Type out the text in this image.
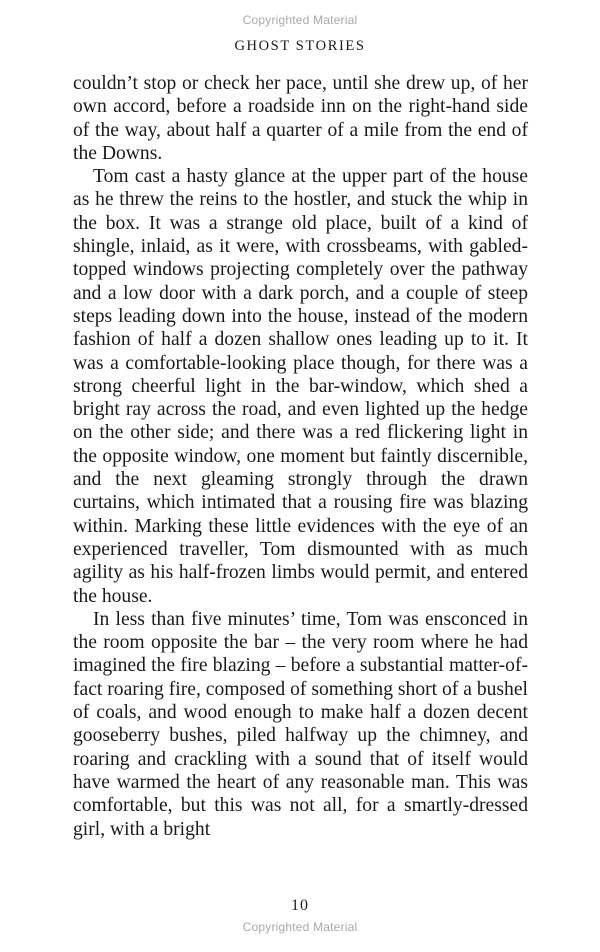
Copyrighted Material
GHOST STORIES

couldn’t stop or check her pace, until she drew up, of her own accord, before a roadside inn on the right-hand side of the way, about half a quarter of a mile from the end of the Downs.

Tom cast a hasty glance at the upper part of the house as he threw the reins to the hostler, and stuck the whip in the box. It was a strange old place, built of a kind of shingle, inlaid, as it were, with crossbeams, with gabled-topped windows projecting completely over the pathway and a low door with a dark porch, and a couple of steep steps leading down into the house, instead of the modern fashion of half a dozen shallow ones leading up to it. It was a comfortable-looking place though, for there was a strong cheerful light in the bar-window, which shed a bright ray across the road, and even lighted up the hedge on the other side; and there was a red flickering light in the opposite window, one moment but faintly discernible, and the next gleaming strongly through the drawn curtains, which intimated that a rousing fire was blazing within. Marking these little evidences with the eye of an experienced traveller, Tom dismounted with as much agility as his half-frozen limbs would permit, and entered the house.

In less than five minutes’ time, Tom was ensconced in the room opposite the bar – the very room where he had imagined the fire blazing – before a substantial matter-of-fact roaring fire, composed of something short of a bushel of coals, and wood enough to make half a dozen decent gooseberry bushes, piled halfway up the chimney, and roaring and crackling with a sound that of itself would have warmed the heart of any reasonable man. This was comfortable, but this was not all, for a smartly-dressed girl, with a bright

10
Copyrighted Material
